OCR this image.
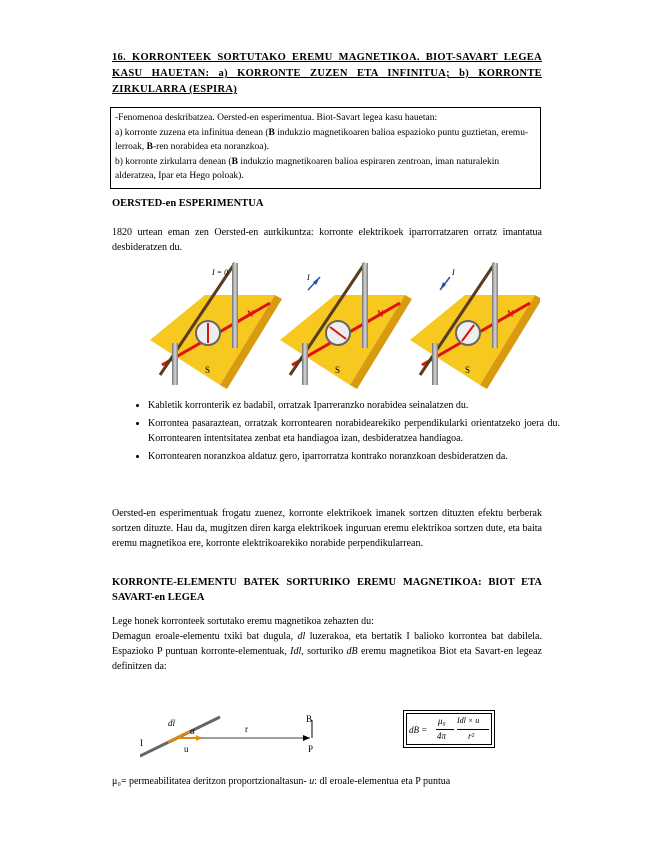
16. KORRONTEEK SORTUTAKO EREMU MAGNETIKOA. BIOT-SAVART LEGEA KASU HAUETAN: a) KORRONTE ZUZEN ETA INFINITUA; b) KORRONTE ZIRKULARRA (ESPIRA)

-Fenomenoa deskribatzea. Oersted-en esperimentua. Biot-Savart legea kasu hauetan:

a) korronte zuzena eta infinitua denean (B indukzio magnetikoaren balioa espazioko puntu guztietan, eremu-lerroak, B-ren norabidea eta noranzkoa).

b) korronte zirkularra denean (B indukzio magnetikoaren balioa espiraren zentroan, iman naturalekin alderatzea, Ipar eta Hego poloak).

OERSTED-en ESPERIMENTUA
1820 urtean eman zen Oersted-en aurkikuntza: korronte elektrikoek iparrorratzaren orratz imantatua desbideratzen du.
N
S
I = 0
I
N
S
I
N
S
• Kabletik korronterik ez badabil, orratzak Iparreranzko norabidea seinalatzen du.
• Korrontea pasaraztean, orratzak korrontearen norabidearekiko perpendikularki orientatzeko joera du. Korrontearen intentsitatea zenbat eta handiagoa izan, desbideratzea handiagoa.
• Korrontearen noranzkoa aldatuz gero, iparrorratza kontrako noranzkoan desbideratzen da.
Oersted-en esperimentuak frogatu zuenez, korronte elektrikoek imanek sortzen dituzten efektu berberak sortzen dituzte. Hau da, mugitzen diren karga elektrikoek inguruan eremu elektrikoa sortzen dute, eta baita eremu magnetikoa ere, korronte elektrikoarekiko norabide perpendikularrean.
KORRONTE-ELEMENTU BATEK SORTURIKO EREMU MAGNETIKOA: BIOT ETA SAVART-en LEGEA

Lege honek korronteek sortutako eremu magnetikoa zehazten du:

Demagun eroale-elementu txiki bat dugula, dl luzerakoa, eta bertatik I balioko korrontea bat dabilela. Espazioko P puntuan korronte-elementuak, Idl, sorturiko dB eremu magnetikoa Biot eta Savart-en legeaz definitzen da:

I
dl
α	r
u
B
P
dB =
μ₀
4π
Idl × u
r²
μ₀= permeabilitatea deritzon proportzionaltasun- u: dl eroale-elementua eta P puntua
